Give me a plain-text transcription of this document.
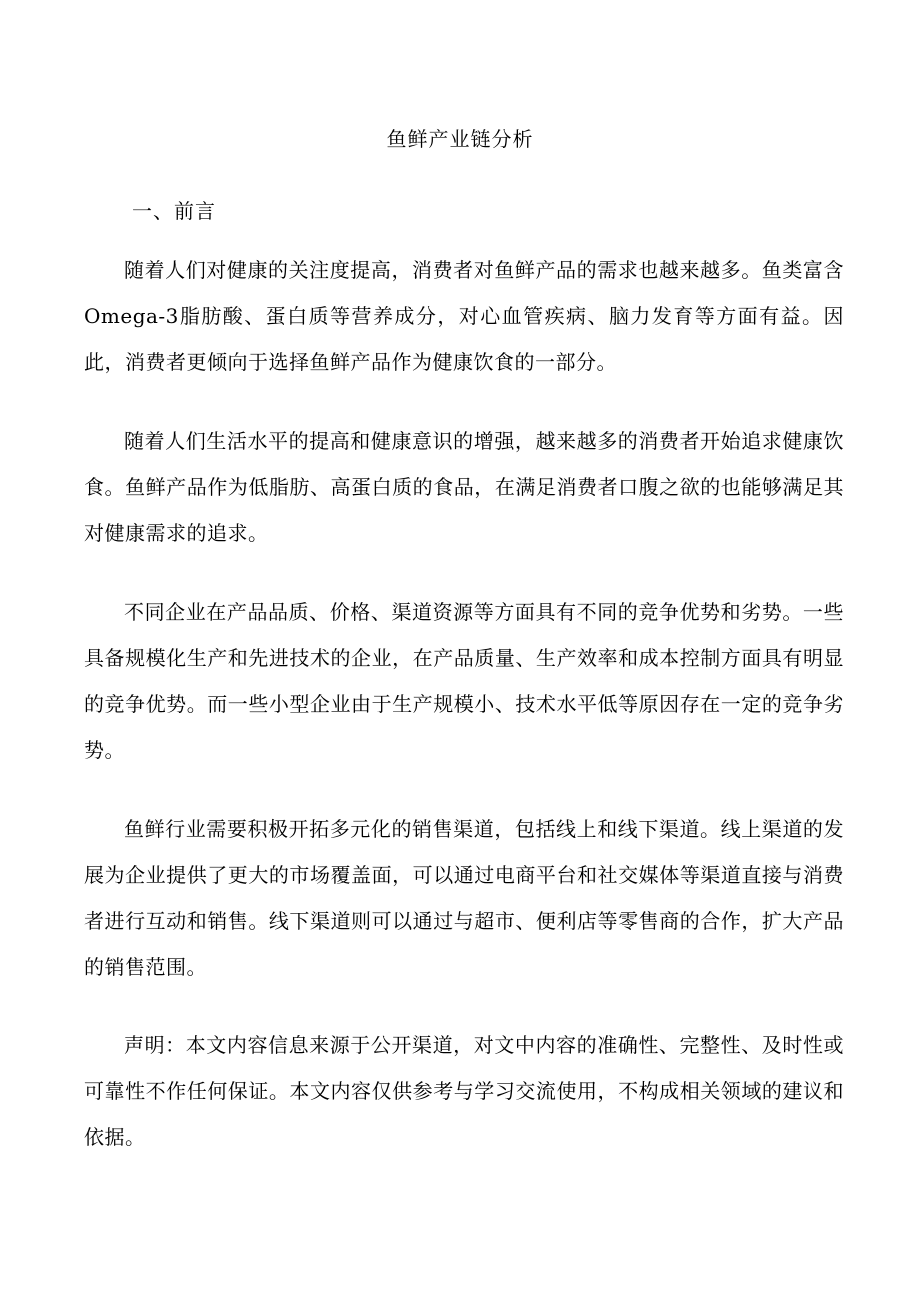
鱼鲜产业链分析
一、前言

随着人们对健康的关注度提高，消费者对鱼鲜产品的需求也越来越多。鱼类富含Omega-3脂肪酸、蛋白质等营养成分，对心血管疾病、脑力发育等方面有益。因此，消费者更倾向于选择鱼鲜产品作为健康饮食的一部分。

随着人们生活水平的提高和健康意识的增强，越来越多的消费者开始追求健康饮食。鱼鲜产品作为低脂肪、高蛋白质的食品，在满足消费者口腹之欲的也能够满足其对健康需求的追求。

不同企业在产品品质、价格、渠道资源等方面具有不同的竞争优势和劣势。一些具备规模化生产和先进技术的企业，在产品质量、生产效率和成本控制方面具有明显的竞争优势。而一些小型企业由于生产规模小、技术水平低等原因存在一定的竞争劣势。

鱼鲜行业需要积极开拓多元化的销售渠道，包括线上和线下渠道。线上渠道的发展为企业提供了更大的市场覆盖面，可以通过电商平台和社交媒体等渠道直接与消费者进行互动和销售。线下渠道则可以通过与超市、便利店等零售商的合作，扩大产品的销售范围。

声明：本文内容信息来源于公开渠道，对文中内容的准确性、完整性、及时性或可靠性不作任何保证。本文内容仅供参考与学习交流使用，不构成相关领域的建议和依据。
